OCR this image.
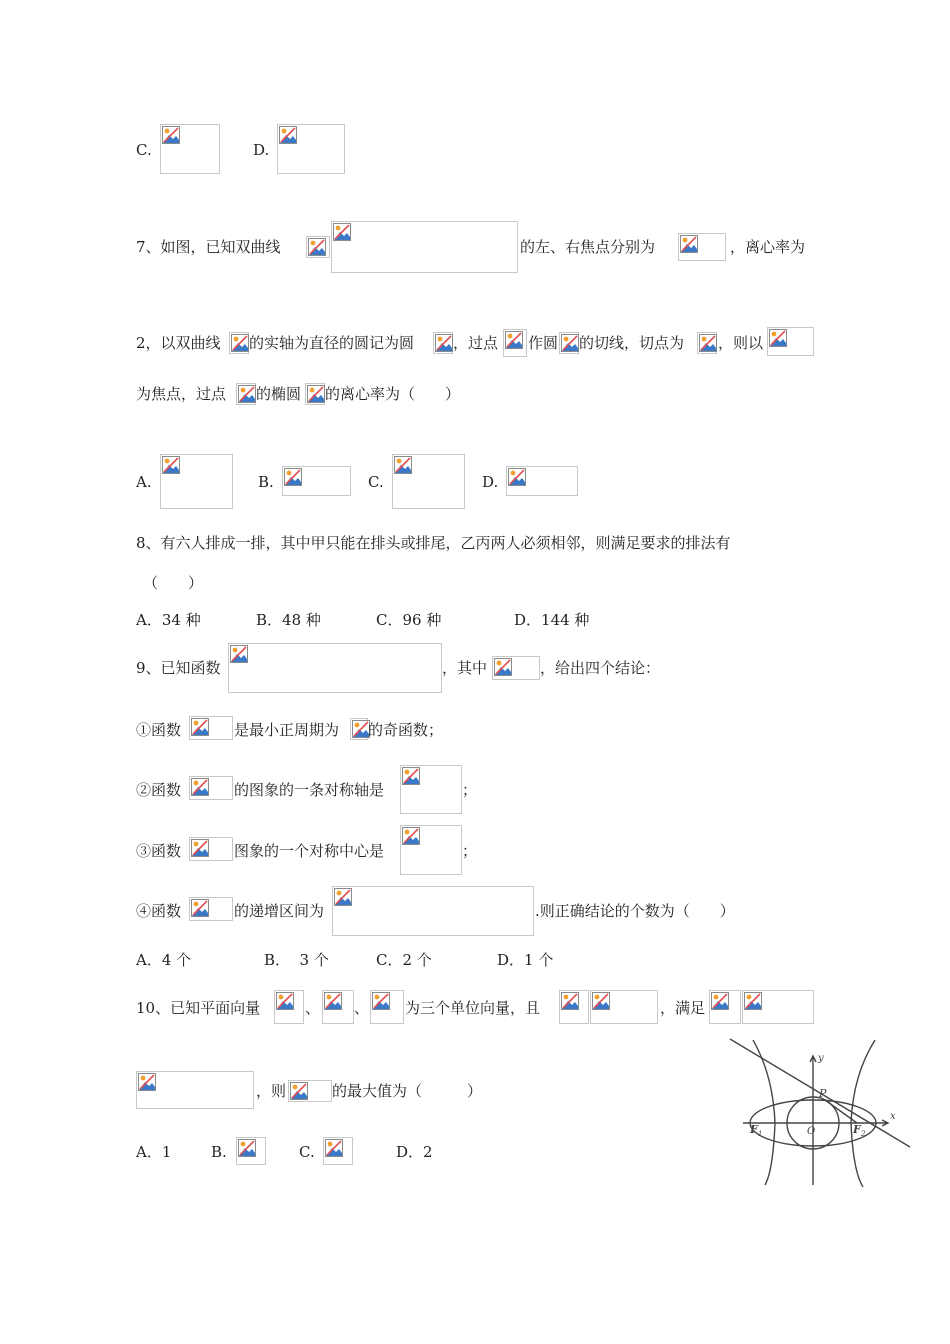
C.	D.
7、如图，已知双曲线	的左、右焦点分别为	，离心率为
2，以双曲线 的实轴为直径的圆记为圆	，过点 作圆 的切线，切点为 ，则以
为焦点，过点 的椭圆 的离心率为（　　）
A.	B.	C.	D.
8、有六人排成一排，其中甲只能在排头或排尾，乙丙两人必须相邻，则满足要求的排法有
（　　）
A．34 种	B．48 种	C．96 种	D．144 种
9、已知函数	，其中	，给出四个结论：
①函数	是最小正周期为 的奇函数；
②函数	的图象的一条对称轴是	；
③函数	图象的一个对称中心是	；
④函数	的递增区间为	.则正确结论的个数为（　　）
A．4 个	B．  3 个	C．2 个	D．1 个
10、已知平面向量	、 、 为三个单位向量，且	，满足
，则	的最大值为（　　　）
A．1	B.	C.	D．2
y
x
P
O
F 1	F 2
